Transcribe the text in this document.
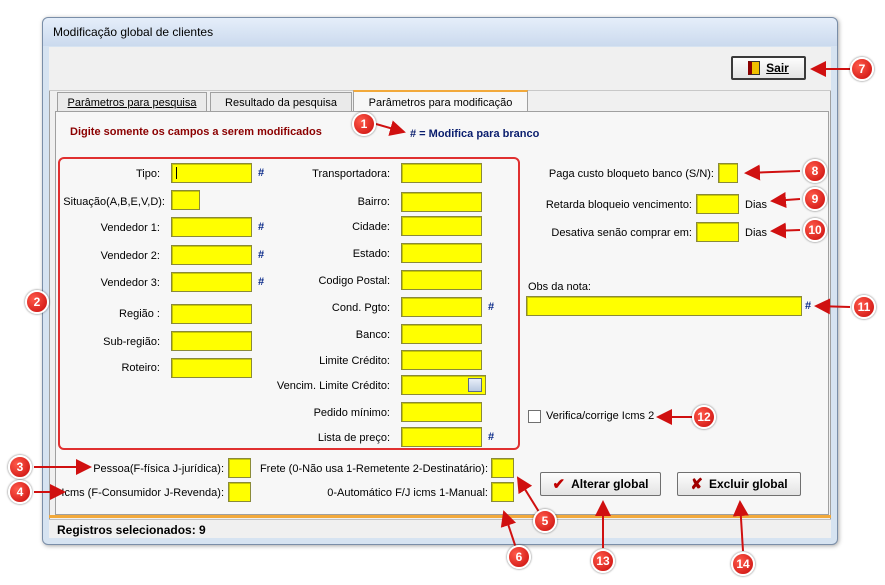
Modificação global de clientes
Sair
Parâmetros para pesquisa	Resultado da pesquisa	Parâmetros para modificação
Digite somente os campos a serem modificados	# = Modifica para branco
Tipo:	#
Situação(A,B,E,V,D):
Vendedor 1:	#
Vendedor 2:	#
Vendedor 3:	#
Região :
Sub-região:
Roteiro:
Transportadora:
Bairro:
Cidade:
Estado:
Codigo Postal:
Cond. Pgto:	#
Banco:
Limite Crédito:
Vencim. Limite Crédito:
Pedido mínimo:
Lista de preço:	#
Paga custo bloqueto banco (S/N):
Retarda bloqueio vencimento:	Dias
Desativa senão comprar em:	Dias
Obs da nota:
#
Verifica/corrige Icms 2
Pessoa(F-física J-jurídica):
Icms (F-Consumidor J-Revenda):
Frete (0-Não usa 1-Remetente 2-Destinatário):
0-Automático F/J icms 1-Manual:	✔ Alterar global	✘ Excluir global
Registros selecionados: 9
1
2
3
4
5
6
7
8
9
10
11
12
13	14
